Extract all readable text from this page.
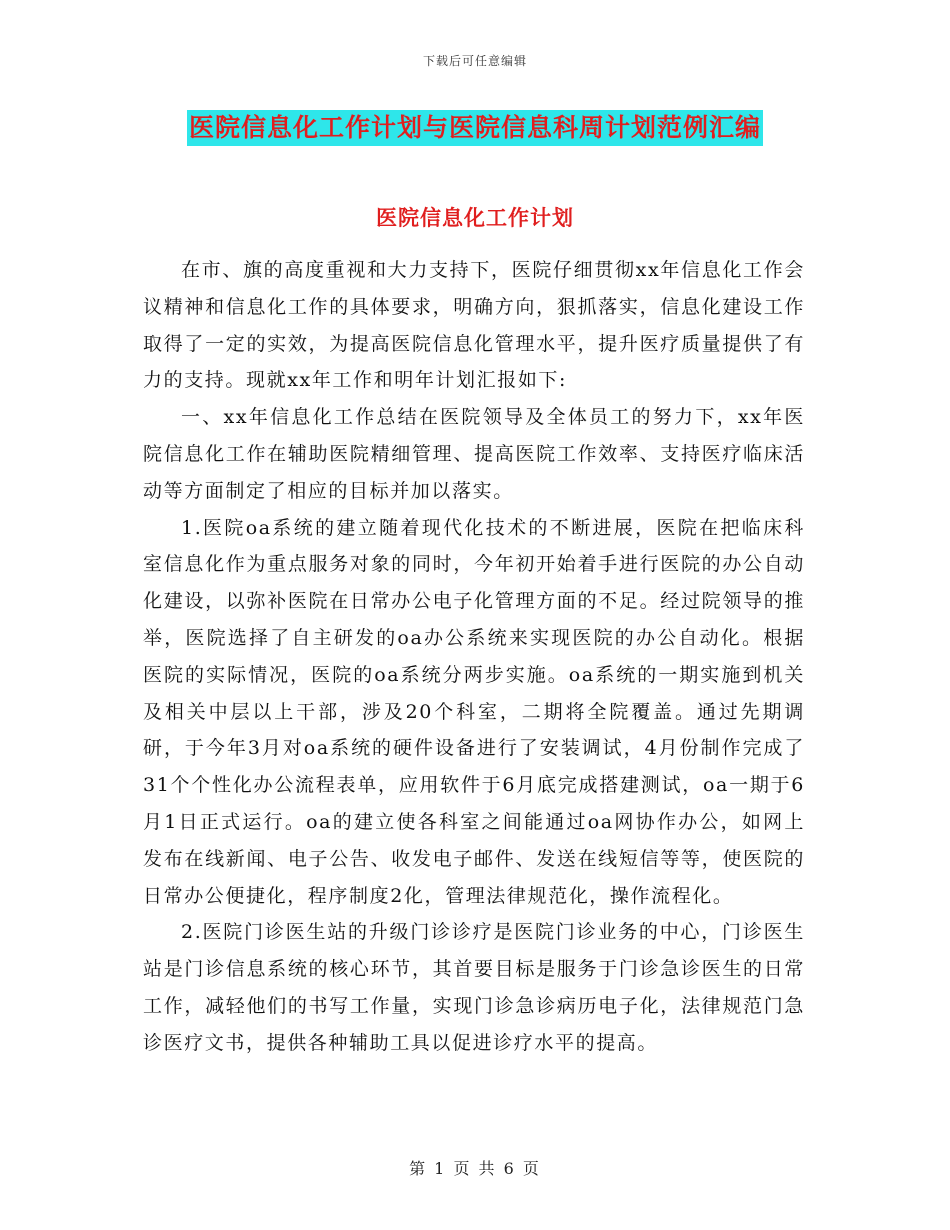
下载后可任意编辑
医院信息化工作计划与医院信息科周计划范例汇编
医院信息化工作计划

在市、旗的高度重视和大力支持下，医院仔细贯彻xx年信息化工作会议精神和信息化工作的具体要求，明确方向，狠抓落实，信息化建设工作取得了一定的实效，为提高医院信息化管理水平，提升医疗质量提供了有力的支持。现就xx年工作和明年计划汇报如下:

一、xx年信息化工作总结在医院领导及全体员工的努力下，xx年医院信息化工作在辅助医院精细管理、提高医院工作效率、支持医疗临床活动等方面制定了相应的目标并加以落实。

1.医院oa系统的建立随着现代化技术的不断进展，医院在把临床科室信息化作为重点服务对象的同时，今年初开始着手进行医院的办公自动化建设，以弥补医院在日常办公电子化管理方面的不足。经过院领导的推举，医院选择了自主研发的oa办公系统来实现医院的办公自动化。根据医院的实际情况，医院的oa系统分两步实施。oa系统的一期实施到机关及相关中层以上干部，涉及20个科室，二期将全院覆盖。通过先期调研，于今年3月对oa系统的硬件设备进行了安装调试，4月份制作完成了31个个性化办公流程表单，应用软件于6月底完成搭建测试，oa一期于6月1日正式运行。oa的建立使各科室之间能通过oa网协作办公，如网上发布在线新闻、电子公告、收发电子邮件、发送在线短信等等，使医院的日常办公便捷化，程序制度2化，管理法律规范化，操作流程化。

2.医院门诊医生站的升级门诊诊疗是医院门诊业务的中心，门诊医生站是门诊信息系统的核心环节，其首要目标是服务于门诊急诊医生的日常工作，减轻他们的书写工作量，实现门诊急诊病历电子化，法律规范门急诊医疗文书，提供各种辅助工具以促进诊疗水平的提高。

第 1 页 共 6 页
